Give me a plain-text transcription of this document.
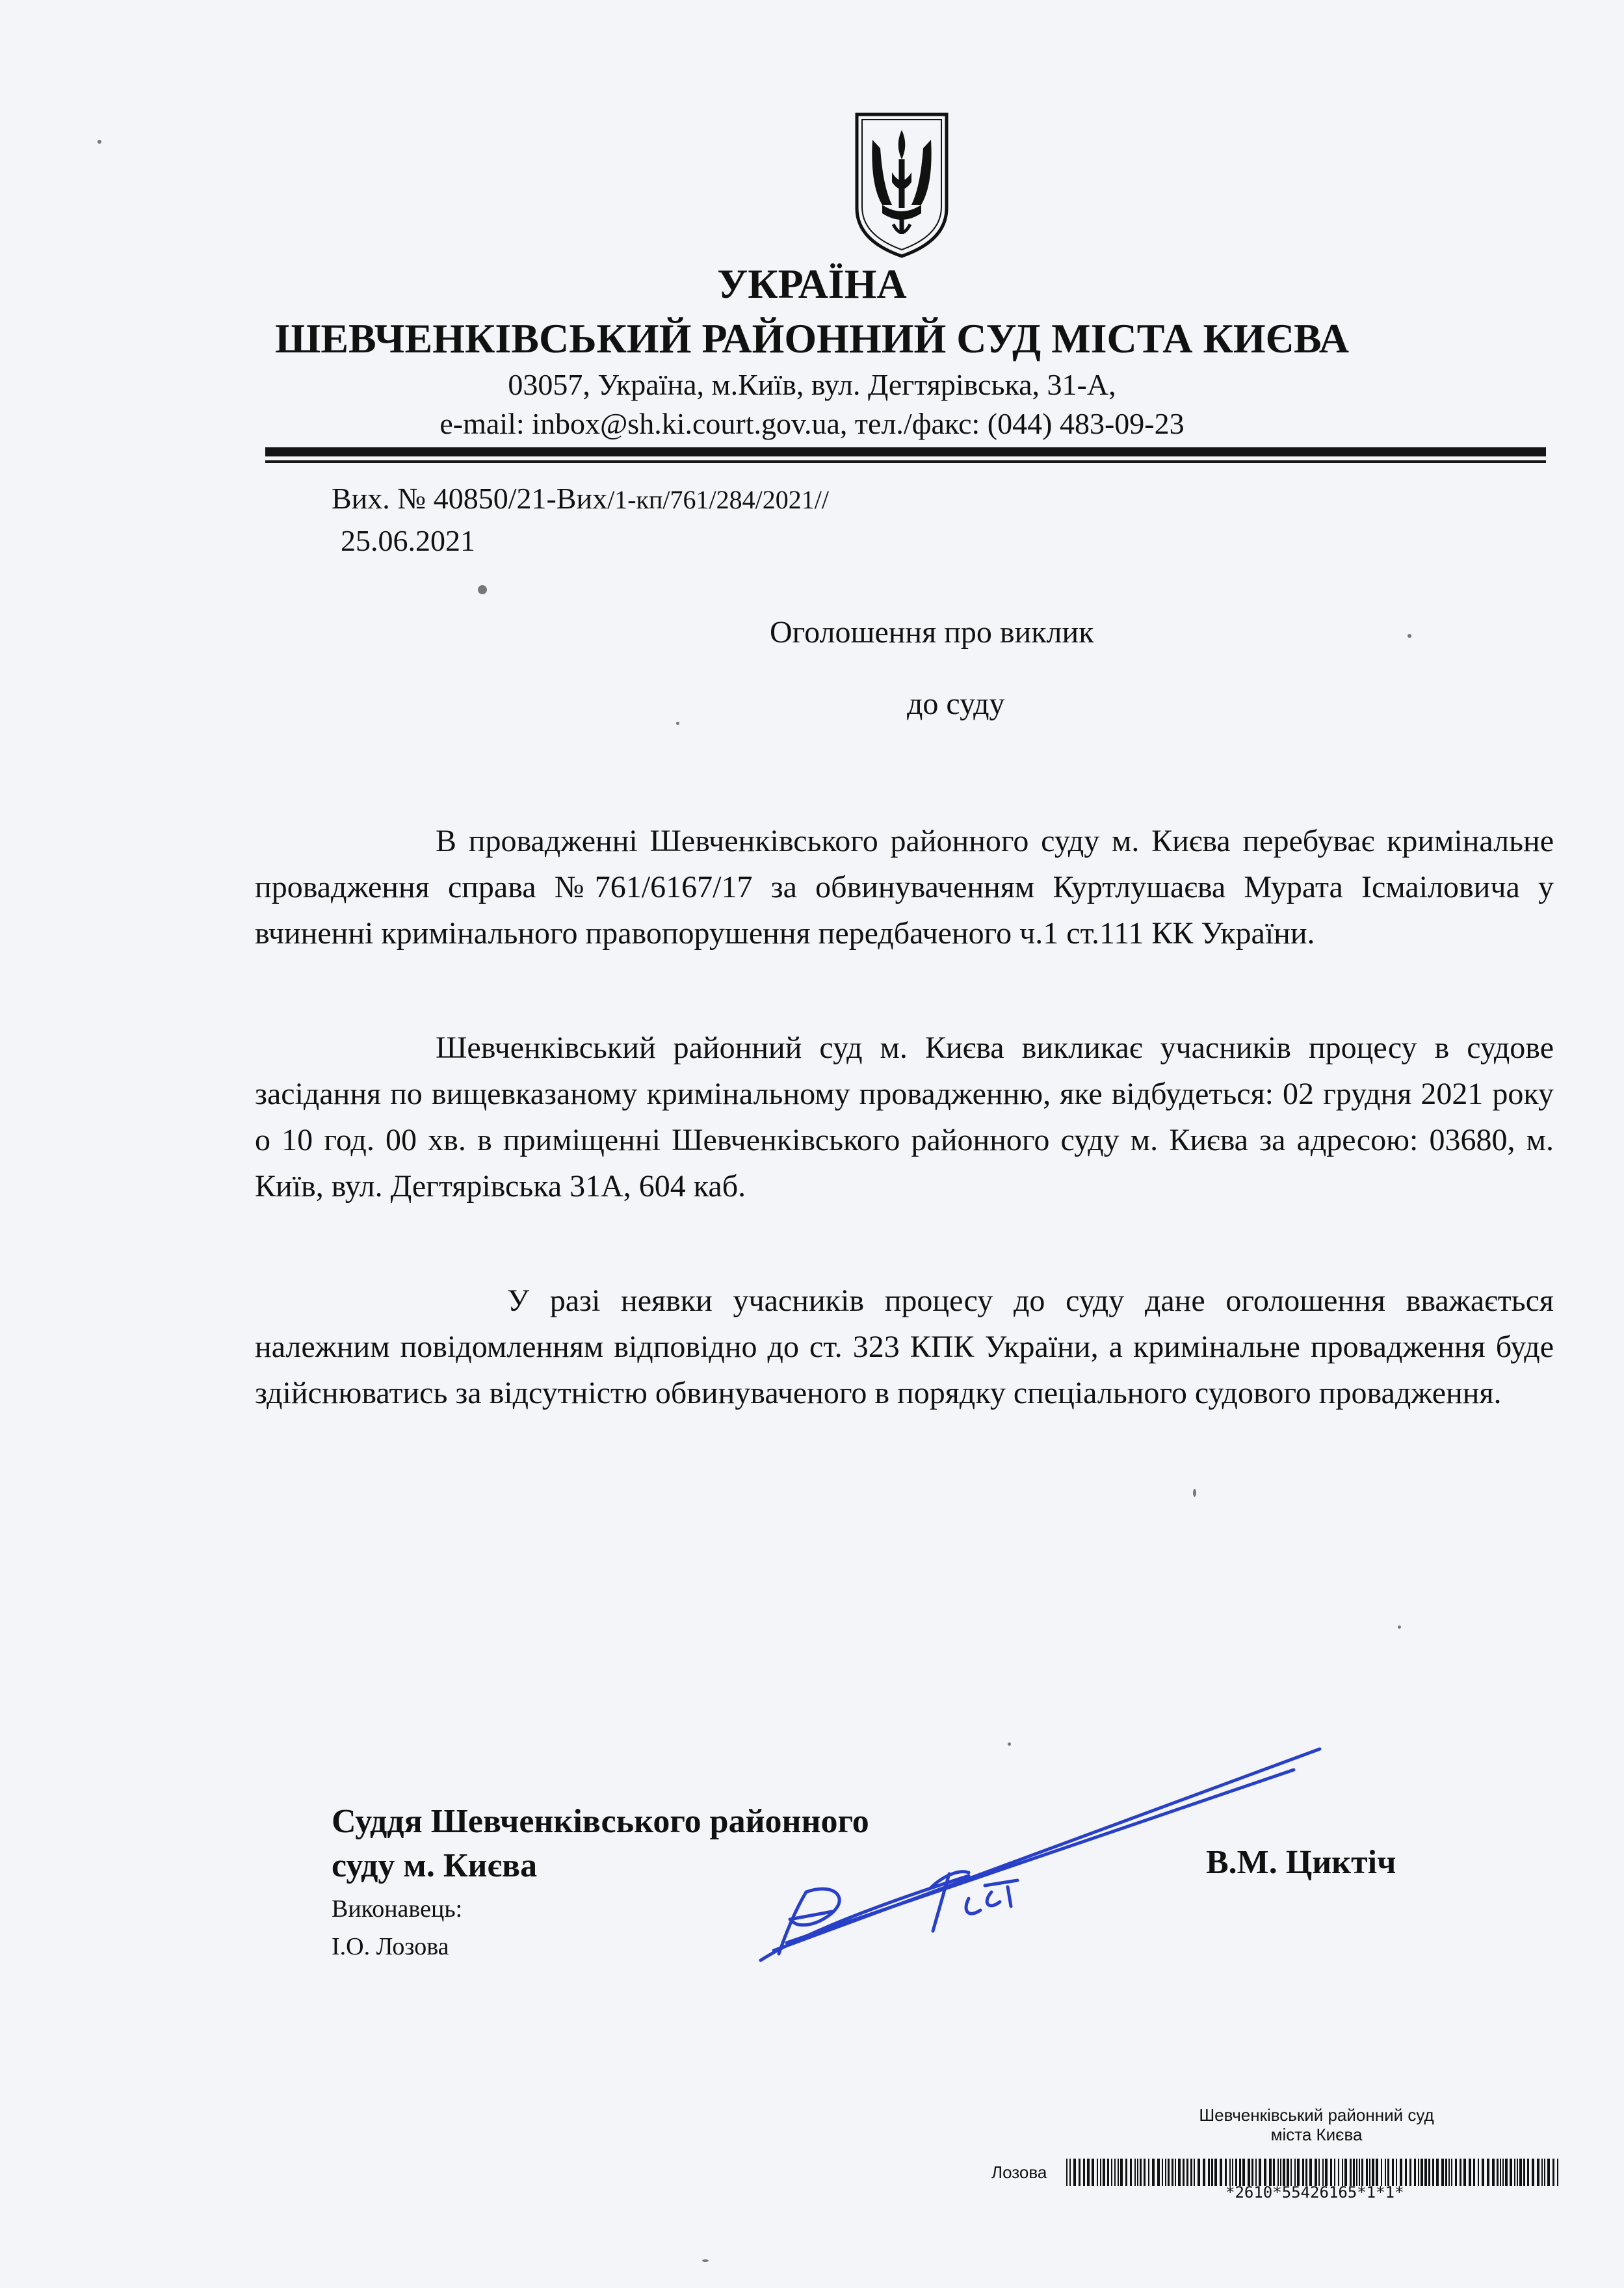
УКРАЇНА
ШЕВЧЕНКІВСЬКИЙ РАЙОННИЙ СУД МІСТА КИЄВА
03057, Україна, м.Київ, вул. Дегтярівська, 31-А,
e-mail: inbox@sh.ki.court.gov.ua, тел./факс: (044) 483-09-23
Вих. № 40850/21-Вих/1-кп/761/284/2021//
25.06.2021
Оголошення про виклик
до суду
В провадженні Шевченківського районного суду м. Києва перебуває кримінальне провадження справа №761/6167/17 за обвинуваченням Куртлушаєва Мурата Ісмаіловича у вчиненні кримінального правопорушення передбаченого ч.1 ст.111 КК України.
Шевченківський районний суд м. Києва викликає учасників процесу в судове засідання по вищевказаному кримінальному провадженню, яке відбудеться: 02 грудня 2021 року о 10 год. 00 хв. в приміщенні Шевченківського районного суду м. Києва за адресою: 03680, м. Київ, вул. Дегтярівська 31А, 604 каб.
У разі неявки учасників процесу до суду дане оголошення вважається належним повідомленням відповідно до ст. 323 КПК України, а кримінальне провадження буде здійснюватись за відсутністю обвинуваченого в порядку спеціального судового провадження.
Суддя Шевченківського районного
суду м. Києва
Виконавець:
І.О. Лозова
В.М. Циктіч
Шевченківський районний суд
міста Києва
Лозова
*2610*55426165*1*1*
